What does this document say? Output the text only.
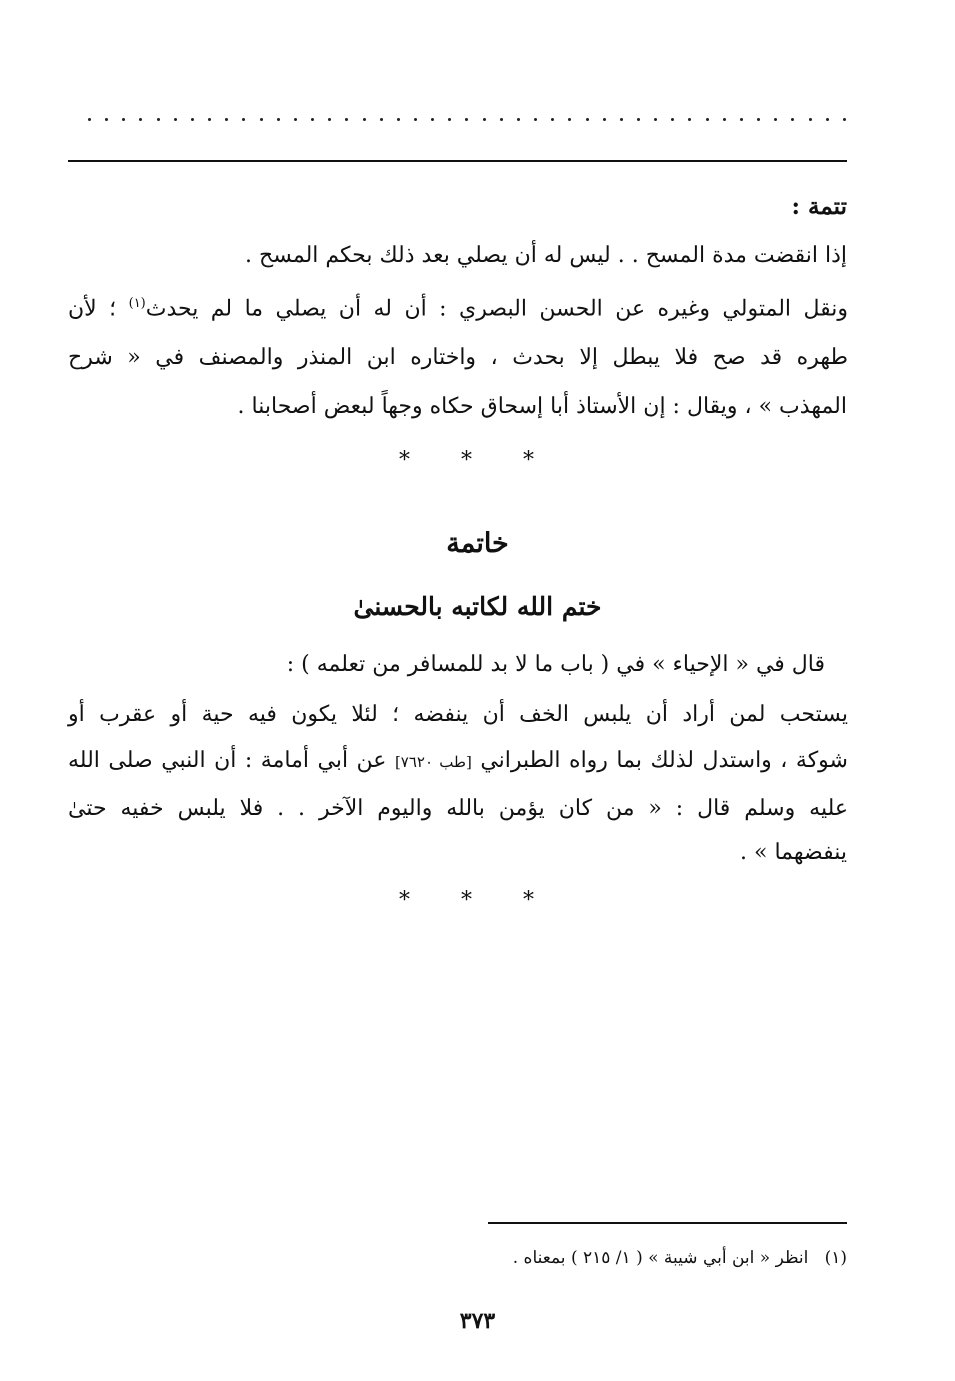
تتمة :
إذا انقضت مدة المسح . . ليس له أن يصلي بعد ذلك بحكم المسح .
ونقل المتولي وغيره عن الحسن البصري : أن له أن يصلي ما لم يحدث$^{(١)}$ ؛ لأن
طهره قد صح فلا يبطل إلا بحدث ، واختاره ابن المنذر والمصنف في « شرح
المهذب » ، ويقال : إن الأستاذ أبا إسحاق حكاه وجهاً لبعض أصحابنا .
* * *
خاتمة
ختم الله لكاتبه بالحسنىٰ
قال في « الإحياء » في ( باب ما لا بد للمسافر من تعلمه ) :
يستحب لمن أراد أن يلبس الخف أن ينفضه ؛ لئلا يكون فيه حية أو عقرب أو
شوكة ، واستدل لذلك بما رواه الطبراني [طب ٧٦٢٠] عن أبي أمامة : أن النبي صلى الله
عليه وسلم قال : « من كان يؤمن بالله واليوم الآخر . . فلا يلبس خفيه حتىٰ
ينفضهما » .
* * *
(١)   انظر « ابن أبي شيبة » ( ١/ ٢١٥ ) بمعناه .
٣٧٣
